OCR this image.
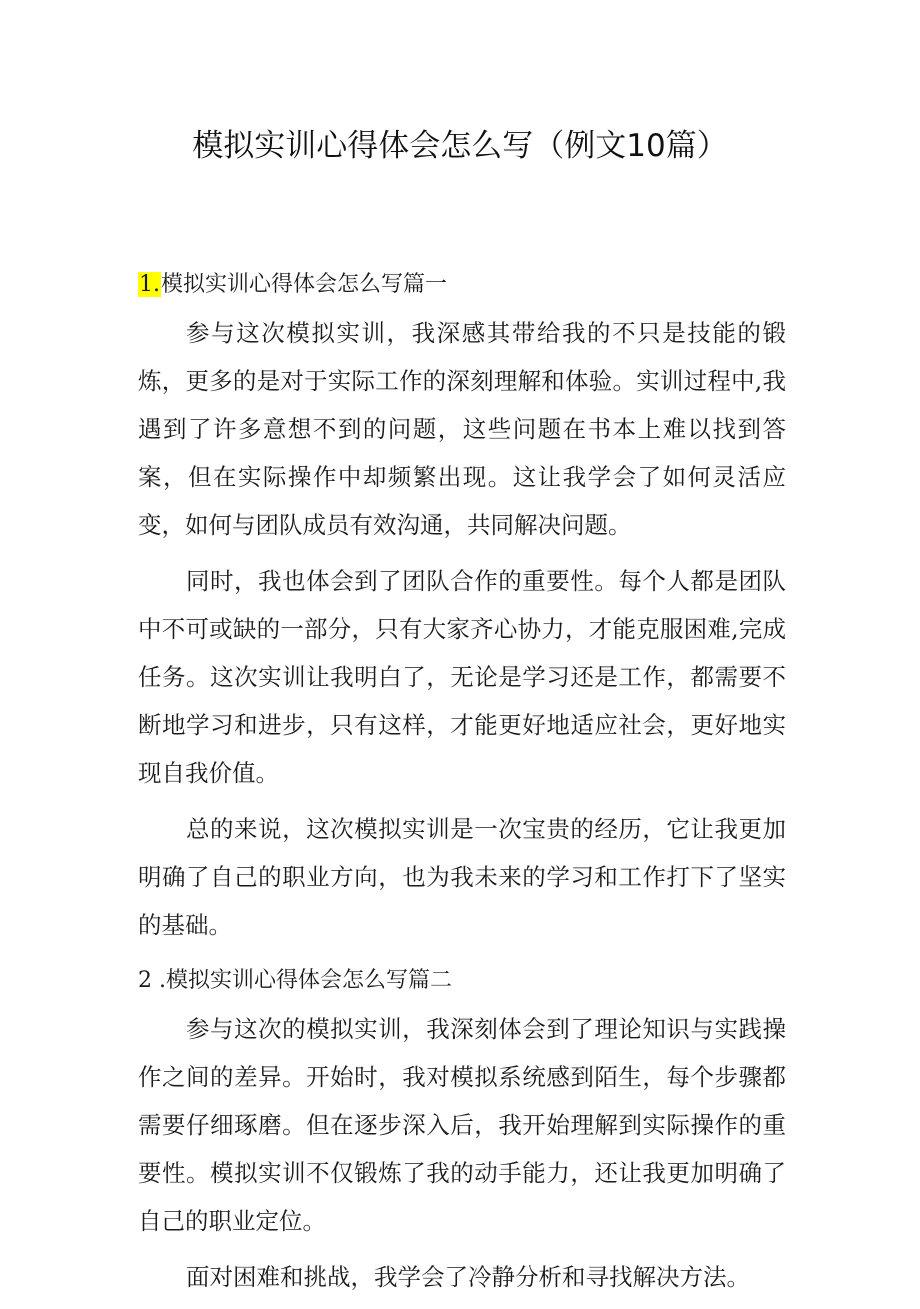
模拟实训心得体会怎么写（例文10篇）
1.模拟实训心得体会怎么写篇一

参与这次模拟实训，我深感其带给我的不只是技能的锻炼，更多的是对于实际工作的深刻理解和体验。实训过程中,我遇到了许多意想不到的问题，这些问题在书本上难以找到答案，但在实际操作中却频繁出现。这让我学会了如何灵活应变，如何与团队成员有效沟通，共同解决问题。

同时，我也体会到了团队合作的重要性。每个人都是团队中不可或缺的一部分，只有大家齐心协力，才能克服困难,完成任务。这次实训让我明白了，无论是学习还是工作，都需要不断地学习和进步，只有这样，才能更好地适应社会，更好地实现自我价值。

总的来说，这次模拟实训是一次宝贵的经历，它让我更加明确了自己的职业方向，也为我未来的学习和工作打下了坚实的基础。

2 .模拟实训心得体会怎么写篇二

参与这次的模拟实训，我深刻体会到了理论知识与实践操作之间的差异。开始时，我对模拟系统感到陌生，每个步骤都需要仔细琢磨。但在逐步深入后，我开始理解到实际操作的重要性。模拟实训不仅锻炼了我的动手能力，还让我更加明确了自己的职业定位。

面对困难和挑战，我学会了冷静分析和寻找解决方法。
